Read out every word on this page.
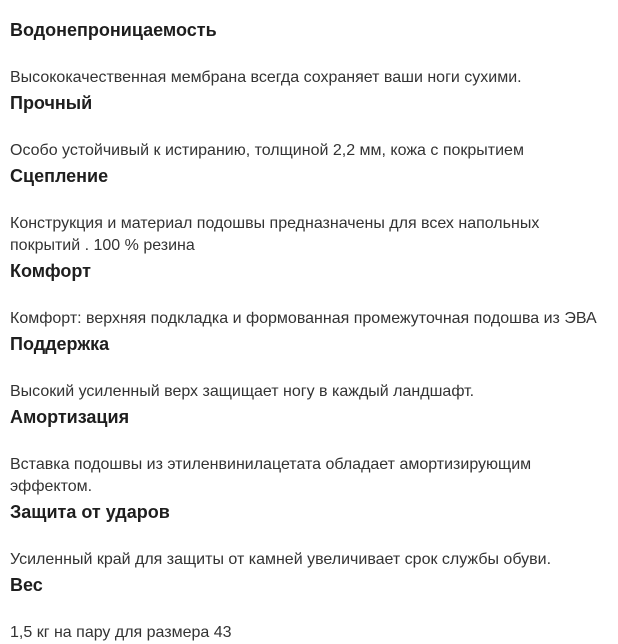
Водонепроницаемость
Высококачественная мембрана всегда сохраняет ваши ноги сухими.
Прочный
Особо устойчивый к истиранию, толщиной 2,2 мм, кожа с покрытием
Сцепление
Конструкция и материал подошвы предназначены для всех напольных покрытий . 100 % резина
Комфорт
Комфорт: верхняя подкладка и формованная промежуточная подошва из ЭВА
Поддержка
Высокий усиленный верх защищает ногу в каждый ландшафт.
Амортизация
Вставка подошвы из этиленвинилацетата обладает амортизирующим эффектом.
Защита от ударов
Усиленный край для защиты от камней увеличивает срок службы обуви.
Вес
1,5 кг на пару для размера 43
